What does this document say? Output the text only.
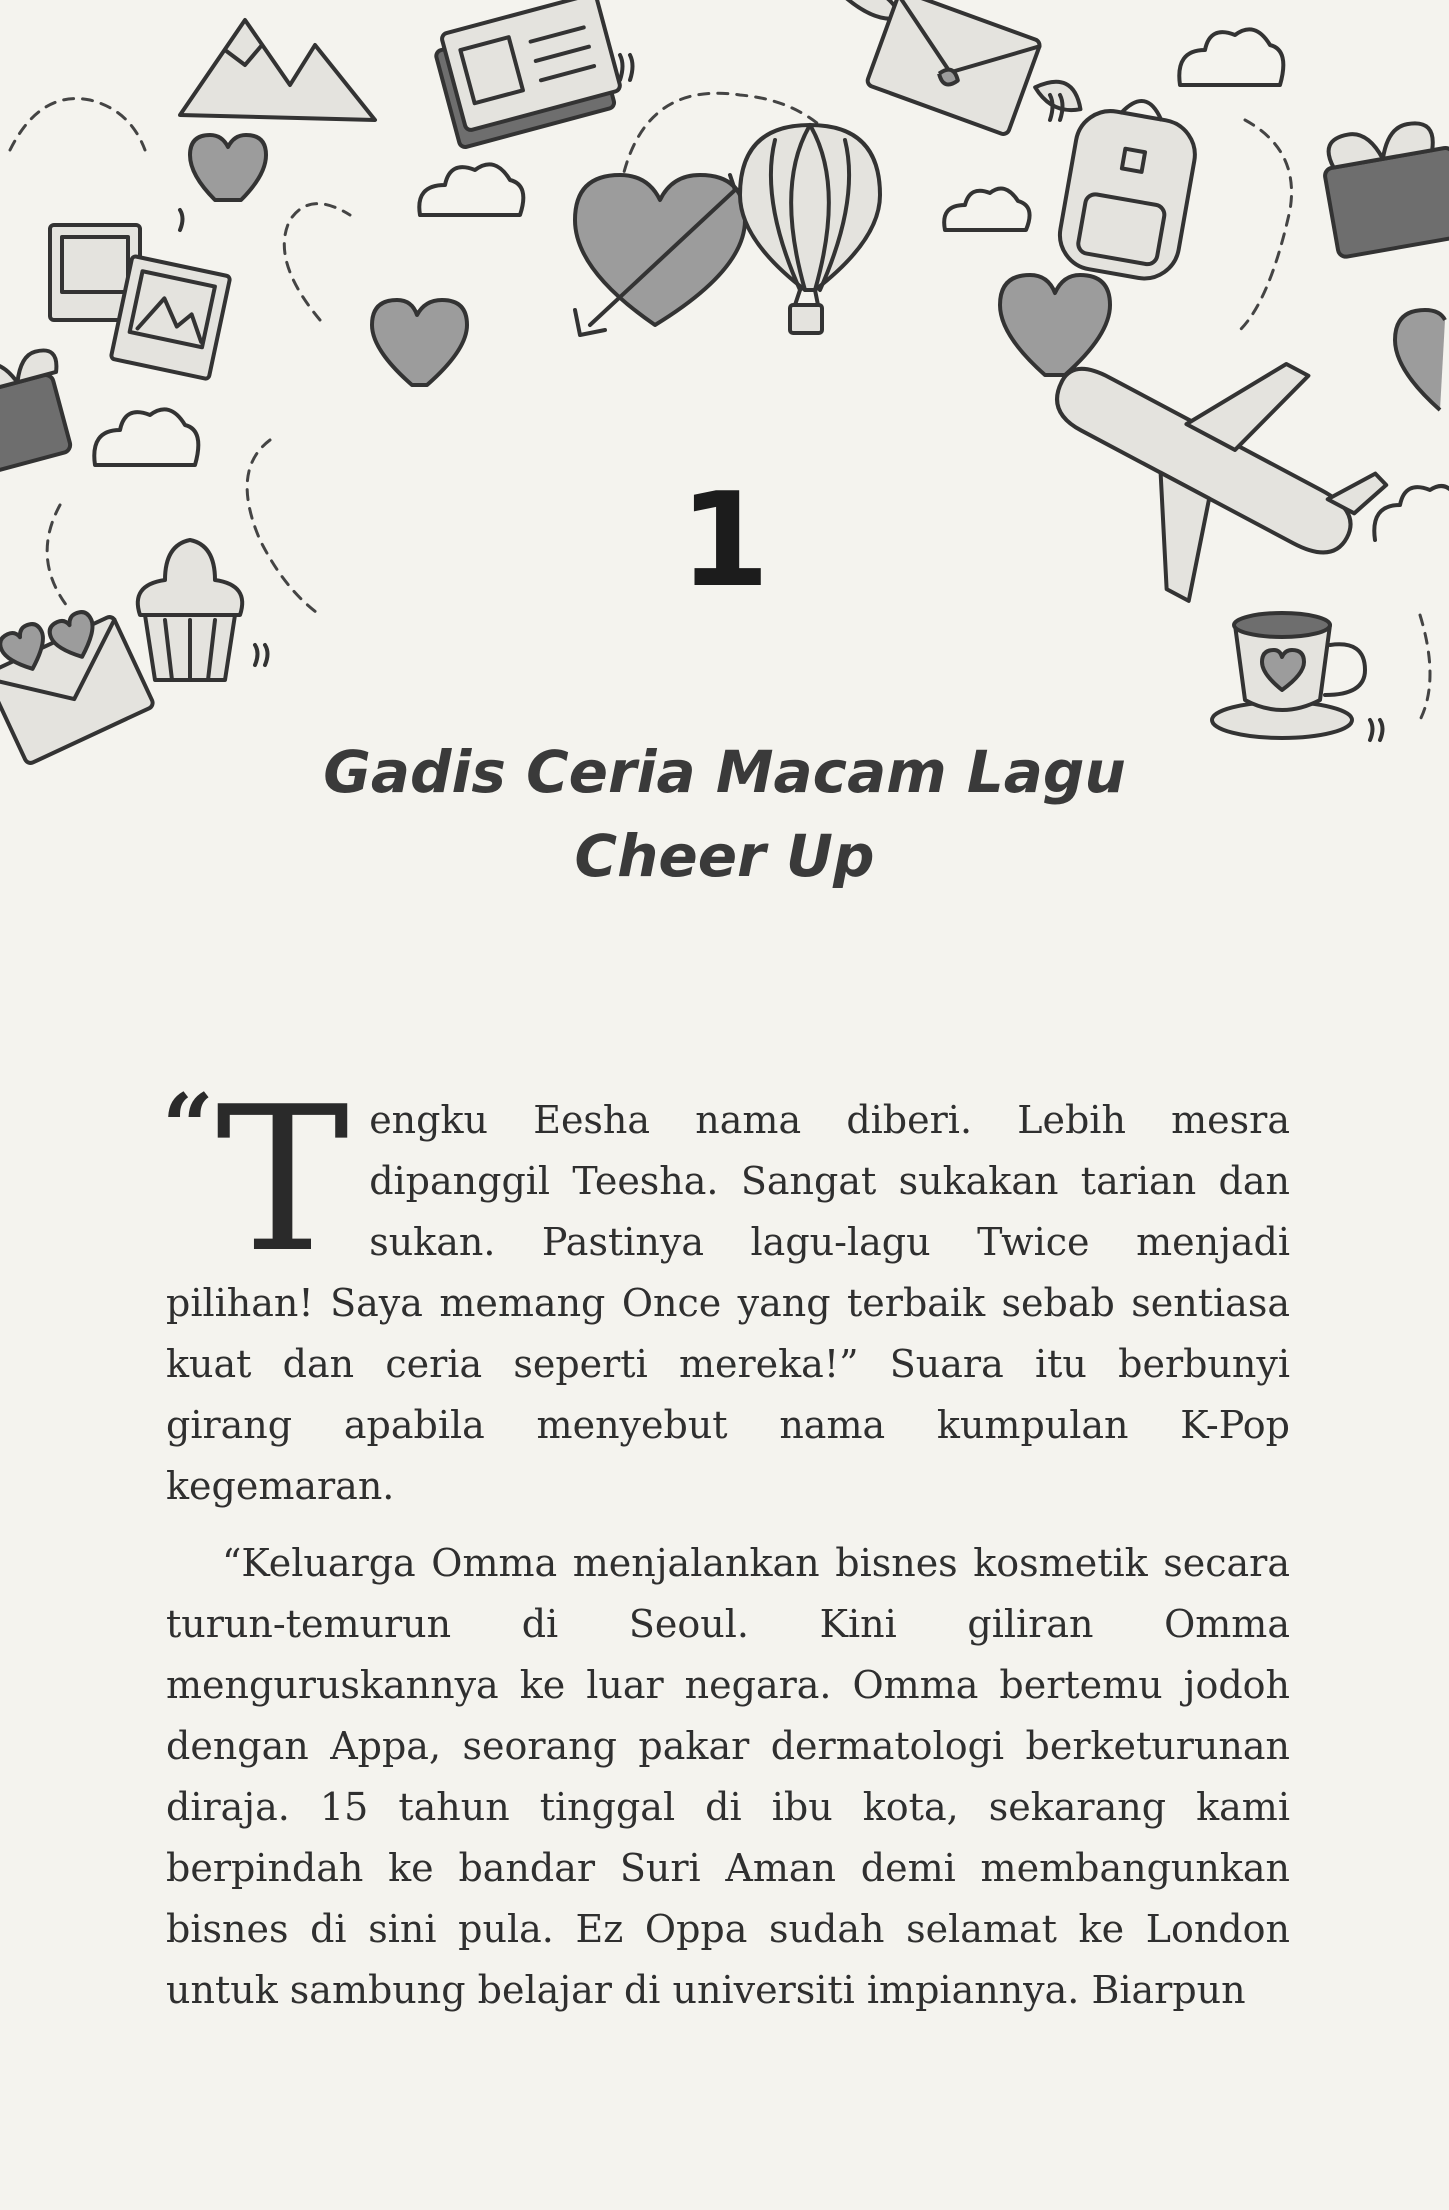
1
Gadis Ceria Macam Lagu
Cheer Up

“ T engku Eesha nama diberi. Lebih mesra dipanggil Teesha. Sangat sukakan tarian dan sukan. Pastinya lagu-lagu Twice menjadi pilihan! Saya memang Once yang terbaik sebab sentiasa kuat dan ceria seperti mereka!” Suara itu berbunyi girang apabila menyebut nama kumpulan K-Pop kegemaran.

“Keluarga Omma menjalankan bisnes kosmetik secara turun-temurun di Seoul. Kini giliran Omma menguruskannya ke luar negara. Omma bertemu jodoh dengan Appa, seorang pakar dermatologi berketurunan diraja. 15 tahun tinggal di ibu kota, sekarang kami berpindah ke bandar Suri Aman demi membangunkan bisnes di sini pula. Ez Oppa sudah selamat ke London untuk sambung belajar di universiti impiannya. Biarpun
